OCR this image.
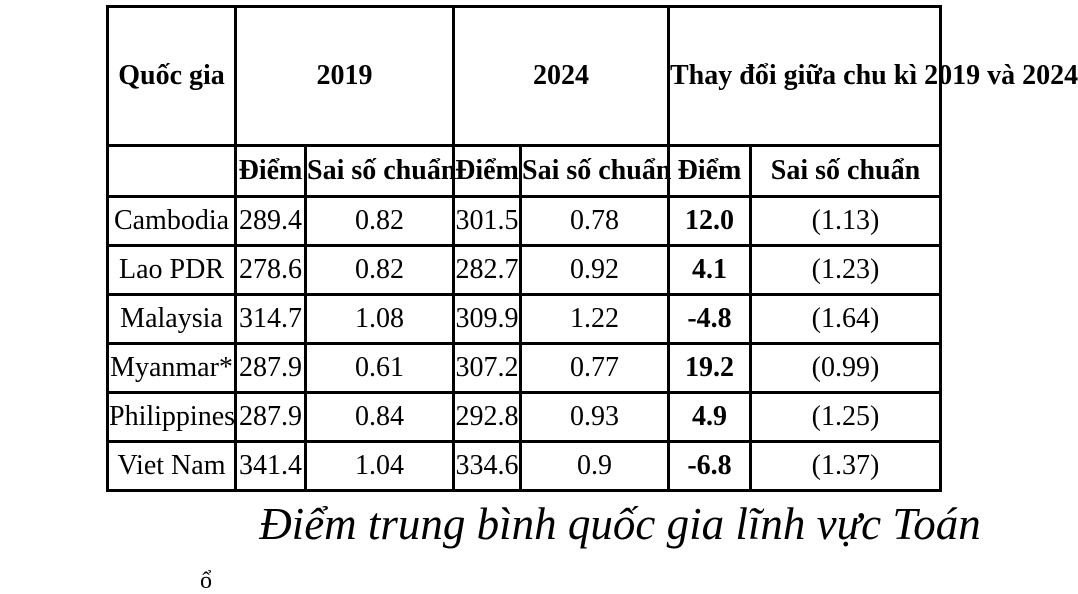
Quốc gia	2019		2024		Thay đổi giữa chu kì 2019 và 2024	
	Điểm	Sai số chuẩn	Điểm	Sai số chuẩn	Điểm	Sai số chuẩn
Cambodia	289.4	0.82	301.5	0.78	12.0	(1.13)
Lao PDR	278.6	0.82	282.7	0.92	4.1	(1.23)
Malaysia	314.7	1.08	309.9	1.22	-4.8	(1.64)
Myanmar*	287.9	0.61	307.2	0.77	19.2	(0.99)
Philippines	287.9	0.84	292.8	0.93	4.9	(1.25)
Viet Nam	341.4	1.04	334.6	0.9	-6.8	(1.37)
Điểm trung bình quốc gia lĩnh vực Toán
ổ
